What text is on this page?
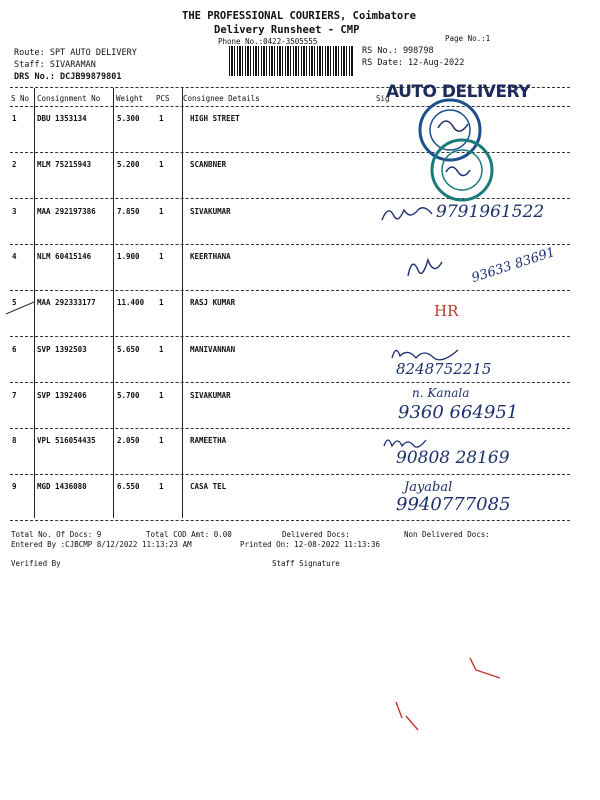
THE PROFESSIONAL COURIERS, Coimbatore
Delivery Runsheet - CMP
Phone No.:0422-3505555	Page No.:1
Route: SPT AUTO DELIVERY
Staff: SIVARAMAN
DRS No.: DCJB99879801
RS No.: 998798
RS Date: 12-Aug-2022
S No Consignment No Weight PCS Consignee Details	Sig
1	DBU 1353134	5.300	1	HIGH STREET
2	MLM 75215943	5.200	1	SCANBNER
3	MAA 292197386	7.850	1	SIVAKUMAR
4	NLM 60415146	1.900	1	KEERTHANA
5	MAA 292333177	11.400 1	RASJ KUMAR
6	SVP 1392503	5.650	1	MANIVANNAN
7	SVP 1392406	5.700	1	SIVAKUMAR
8	VPL 516054435	2.050	1	RAMEETHA
9	MGD 1436080	6.550	1	CASA TEL
AUTO DELIVERY
9791961522
93633 83691
HR
8248752215
n. Kanala
9360 664951
90808 28169
Jayabal
9940777085
Total No. Of Docs: 9	Total COD Amt: 0.00	Delivered Docs:	Non Delivered Docs:
Entered By :CJBCMP 8/12/2022 11:13:23 AM	Printed On: 12-08-2022 11:13:36
Verified By	Staff Signature
